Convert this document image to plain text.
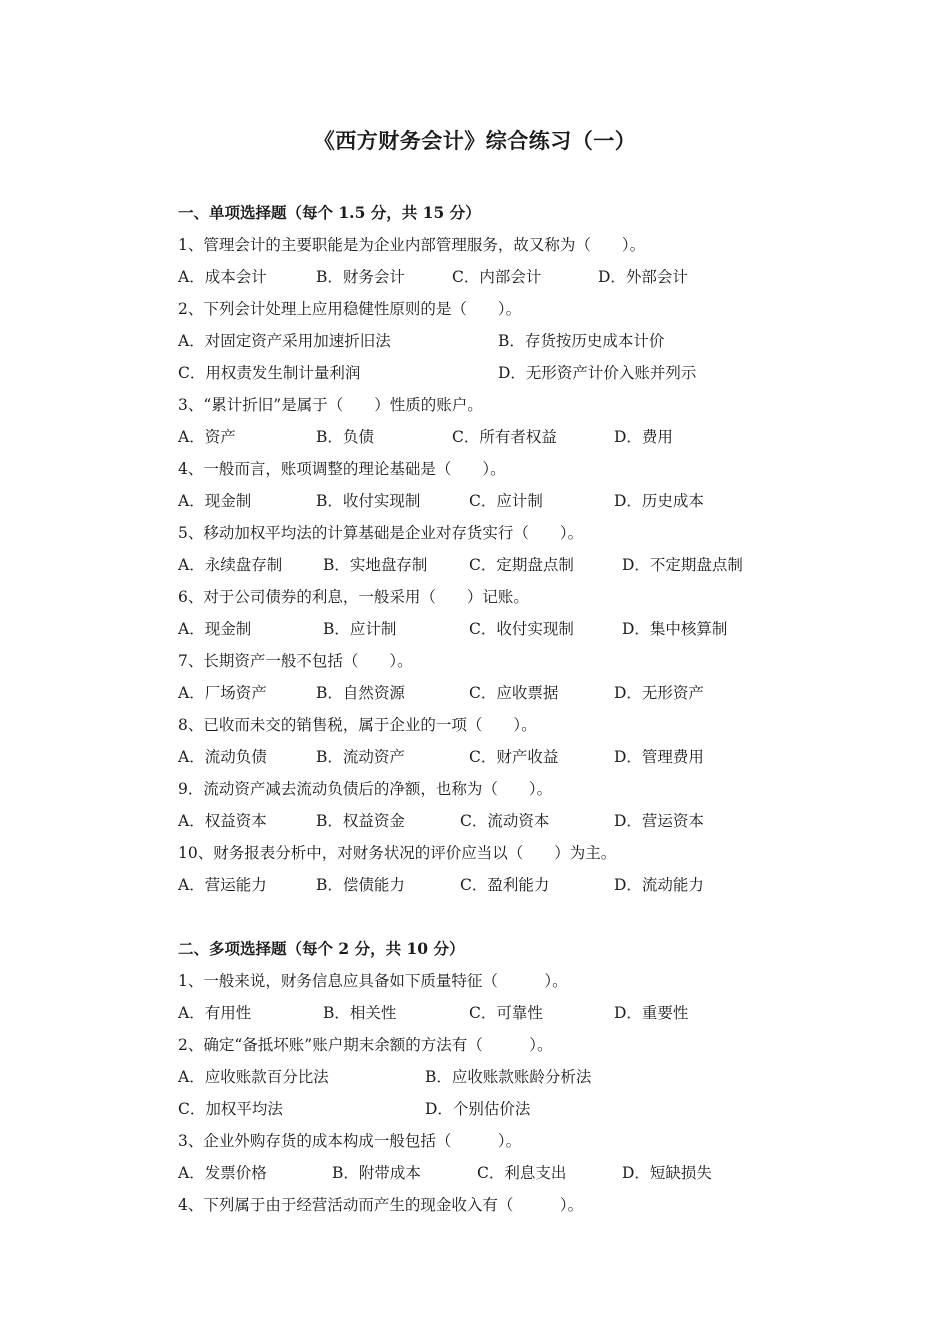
《西方财务会计》综合练习（一）
一、单项选择题（每个 1.5 分，共 15 分）
1、管理会计的主要职能是为企业内部管理服务，故又称为（　　）。
A．成本会计	B．财务会计	C．内部会计	D．外部会计
2、下列会计处理上应用稳健性原则的是（　　）。
A．对固定资产采用加速折旧法	B．存货按历史成本计价
C．用权责发生制计量利润	D．无形资产计价入账并列示
3、“累计折旧”是属于（　　）性质的账户。
A．资产	B．负债	C．所有者权益	D．费用
4、一般而言，账项调整的理论基础是（　　）。
A．现金制	B．收付实现制	C．应计制	D．历史成本
5、移动加权平均法的计算基础是企业对存货实行（　　）。
A．永续盘存制	B．实地盘存制	C．定期盘点制	D．不定期盘点制
6、对于公司债券的利息，一般采用（　　）记账。
A．现金制	B．应计制	C．收付实现制	D．集中核算制
7、长期资产一般不包括（　　）。
A．厂场资产	B．自然资源	C．应收票据	D．无形资产
8、已收而未交的销售税，属于企业的一项（　　）。
A．流动负债	B．流动资产	C．财产收益	D．管理费用
9．流动资产减去流动负债后的净额，也称为（　　）。
A．权益资本	B．权益资金	C．流动资本	D．营运资本
10、财务报表分析中，对财务状况的评价应当以（　　）为主。
A．营运能力	B．偿债能力	C．盈利能力	D．流动能力
二、多项选择题（每个 2 分，共 10 分）
1、一般来说，财务信息应具备如下质量特征（　　　）。
A．有用性	B．相关性	C．可靠性	D．重要性
2、确定“备抵坏账”账户期末余额的方法有（　　　）。
A．应收账款百分比法	B．应收账款账龄分析法
C．加权平均法	D．个别估价法
3、企业外购存货的成本构成一般包括（　　　）。
A．发票价格	B．附带成本	C．利息支出	D．短缺损失
4、下列属于由于经营活动而产生的现金收入有（　　　）。
